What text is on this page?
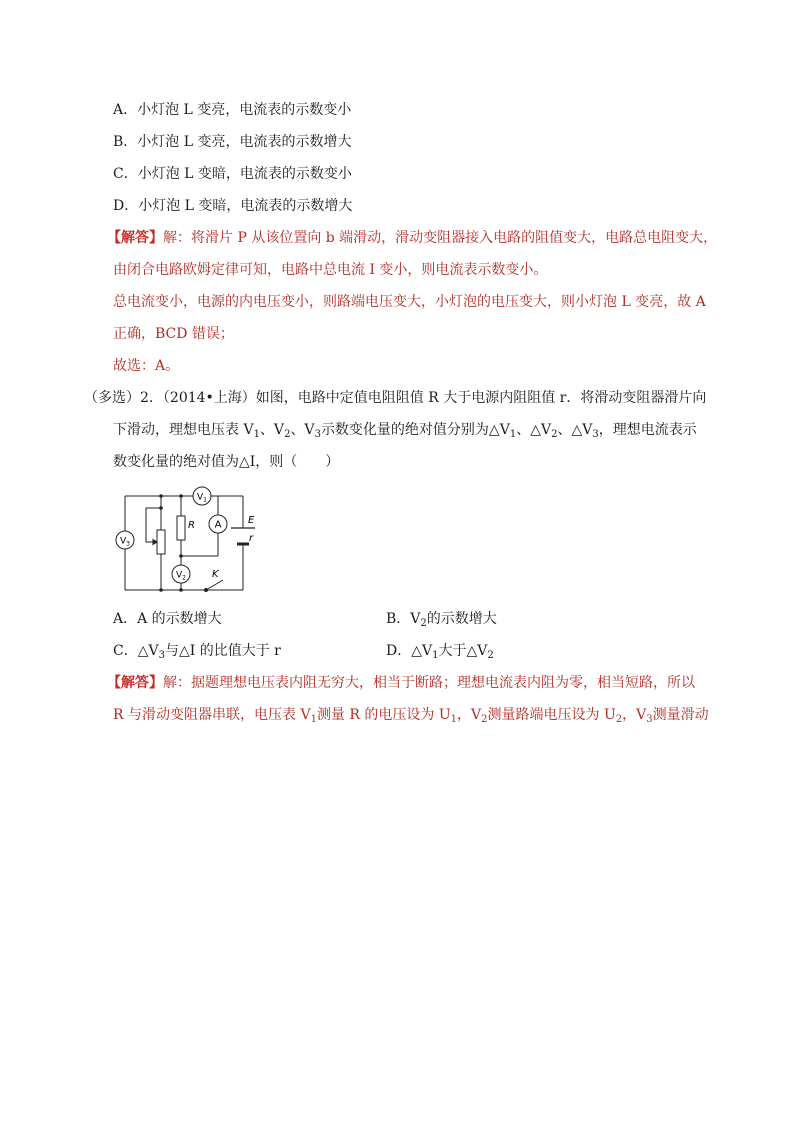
A．小灯泡 L 变亮，电流表的示数变小
B．小灯泡 L 变亮，电流表的示数增大
C．小灯泡 L 变暗，电流表的示数变小
D．小灯泡 L 变暗，电流表的示数增大
【解答】解：将滑片 P 从该位置向 b 端滑动，滑动变阻器接入电路的阻值变大，电路总电阻变大，
由闭合电路欧姆定律可知，电路中总电流 I 变小，则电流表示数变小。
总电流变小，电源的内电压变小，则路端电压变大，小灯泡的电压变大，则小灯泡 L 变亮，故 A
正确，BCD 错误；
故选：A。
（多选）2．（2014•上海）如图，电路中定值电阻阻值 R 大于电源内阻阻值 r．将滑动变阻器滑片向
下滑动，理想电压表 $V_1$、$V_2$、$V_3$示数变化量的绝对值分别为$\triangle V_1$、$\triangle V_2$、$\triangle V_3$，理想电流表示
数变化量的绝对值为△I，则（　　）
$V_1$
A
$V_3$
$V_2$
R	E
r
K
A．A 的示数增大	B．$V_2$的示数增大
C．$\triangle V_3$与△I 的比值大于 r	D．$\triangle V_1$大于$\triangle V_2$
【解答】解：据题理想电压表内阻无穷大，相当于断路；理想电流表内阻为零，相当短路，所以
R 与滑动变阻器串联，电压表 $V_1$测量 R 的电压设为 $U_1$，$V_2$测量路端电压设为 $U_2$，$V_3$测量滑动
